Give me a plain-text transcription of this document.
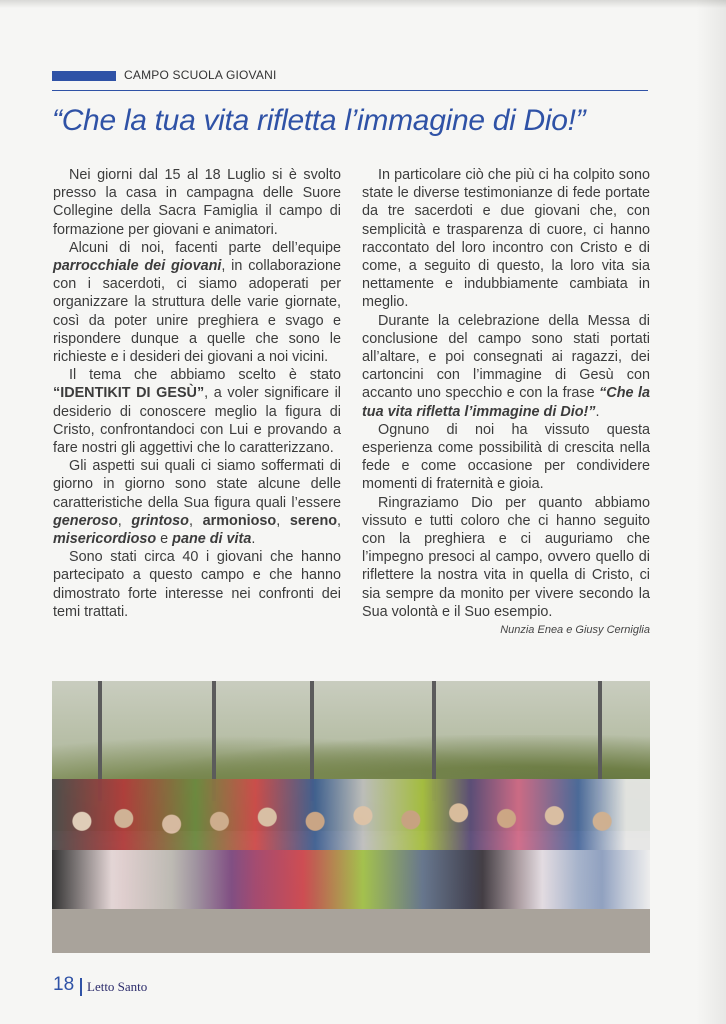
CAMPO SCUOLA GIOVANI
“Che la tua vita rifletta l’immagine di Dio!”

Nei giorni dal 15 al 18 Luglio si è svolto presso la casa in campagna delle Suore Collegine della Sacra Famiglia il campo di formazione per giovani e animatori.

Alcuni di noi, facenti parte dell’equipe parrocchiale dei giovani, in collaborazione con i sacerdoti, ci siamo adoperati per organizzare la struttura delle varie giornate, così da poter unire preghiera e svago e rispondere dunque a quelle che sono le richieste e i desideri dei giovani a noi vicini.

Il tema che abbiamo scelto è stato “IDENTIKIT DI GESÙ”, a voler significare il desiderio di conoscere meglio la figura di Cristo, confrontandoci con Lui e provando a fare nostri gli aggettivi che lo caratterizzano.

Gli aspetti sui quali ci siamo soffermati di giorno in giorno sono state alcune delle caratteristiche della Sua figura quali l’essere generoso, grintoso, armonioso, sereno, misericordioso e pane di vita.

Sono stati circa 40 i giovani che hanno partecipato a questo campo e che hanno dimostrato forte interesse nei confronti dei temi trattati.

In particolare ciò che più ci ha colpito sono state le diverse testimonianze di fede portate da tre sacerdoti e due giovani che, con semplicità e trasparenza di cuore, ci hanno raccontato del loro incontro con Cristo e di come, a seguito di questo, la loro vita sia nettamente e indubbiamente cambiata in meglio.

Durante la celebrazione della Messa di conclusione del campo sono stati portati all’altare, e poi consegnati ai ragazzi, dei cartoncini con l’immagine di Gesù con accanto uno specchio e con la frase “Che la tua vita rifletta l’immagine di Dio!”.

Ognuno di noi ha vissuto questa esperienza come possibilità di crescita nella fede e come occasione per condividere momenti di fraternità e gioia.

Ringraziamo Dio per quanto abbiamo vissuto e tutti coloro che ci hanno seguito con la preghiera e ci auguriamo che l’impegno presoci al campo, ovvero quello di riflettere la nostra vita in quella di Cristo, ci sia sempre da monito per vivere secondo la Sua volontà e il Suo esempio.

Nunzia Enea e Giusy Cerniglia

18 Letto Santo
